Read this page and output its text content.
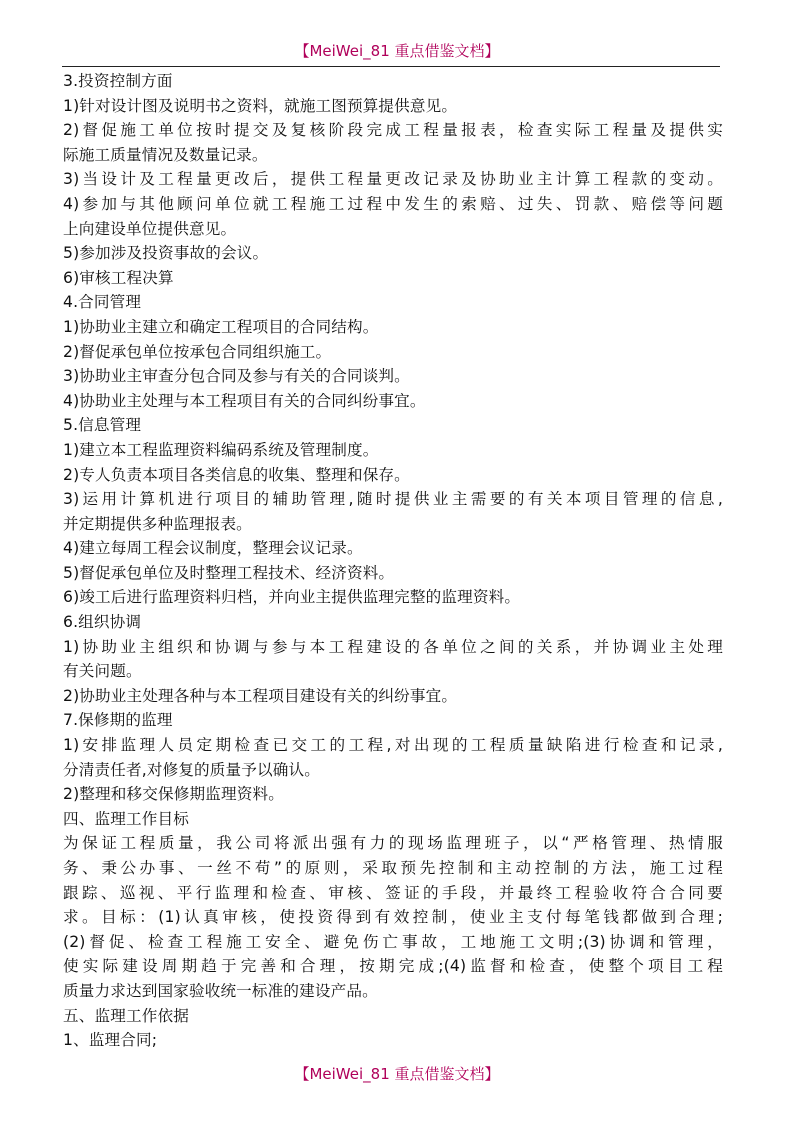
【MeiWei_81 重点借鉴文档】
3.投资控制方面
1)针对设计图及说明书之资料，就施工图预算提供意见。
2)督促施工单位按时提交及复核阶段完成工程量报表，检查实际工程量及提供实
际施工质量情况及数量记录。
3)当设计及工程量更改后，提供工程量更改记录及协助业主计算工程款的变动。
4)参加与其他顾问单位就工程施工过程中发生的索赔、过失、罚款、赔偿等问题
上向建设单位提供意见。
5)参加涉及投资事故的会议。
6)审核工程决算
4.合同管理
1)协助业主建立和确定工程项目的合同结构。
2)督促承包单位按承包合同组织施工。
3)协助业主审查分包合同及参与有关的合同谈判。
4)协助业主处理与本工程项目有关的合同纠纷事宜。
5.信息管理
1)建立本工程监理资料编码系统及管理制度。
2)专人负责本项目各类信息的收集、整理和保存。
3)运用计算机进行项目的辅助管理,随时提供业主需要的有关本项目管理的信息,
并定期提供多种监理报表。
4)建立每周工程会议制度，整理会议记录。
5)督促承包单位及时整理工程技术、经济资料。
6)竣工后进行监理资料归档，并向业主提供监理完整的监理资料。
6.组织协调
1)协助业主组织和协调与参与本工程建设的各单位之间的关系，并协调业主处理
有关问题。
2)协助业主处理各种与本工程项目建设有关的纠纷事宜。
7.保修期的监理
1)安排监理人员定期检查已交工的工程,对出现的工程质量缺陷进行检查和记录,
分清责任者,对修复的质量予以确认。
2)整理和移交保修期监理资料。
四、监理工作目标
为保证工程质量，我公司将派出强有力的现场监理班子，以“严格管理、热情服
务、秉公办事、一丝不苟”的原则，采取预先控制和主动控制的方法，施工过程
跟踪、巡视、平行监理和检查、审核、签证的手段，并最终工程验收符合合同要
求。目标：(1)认真审核，使投资得到有效控制，使业主支付每笔钱都做到合理;
(2)督促、检查工程施工安全、避免伤亡事故，工地施工文明;(3)协调和管理，
使实际建设周期趋于完善和合理，按期完成;(4)监督和检查，使整个项目工程
质量力求达到国家验收统一标准的建设产品。
五、监理工作依据
1、监理合同;
【MeiWei_81 重点借鉴文档】
